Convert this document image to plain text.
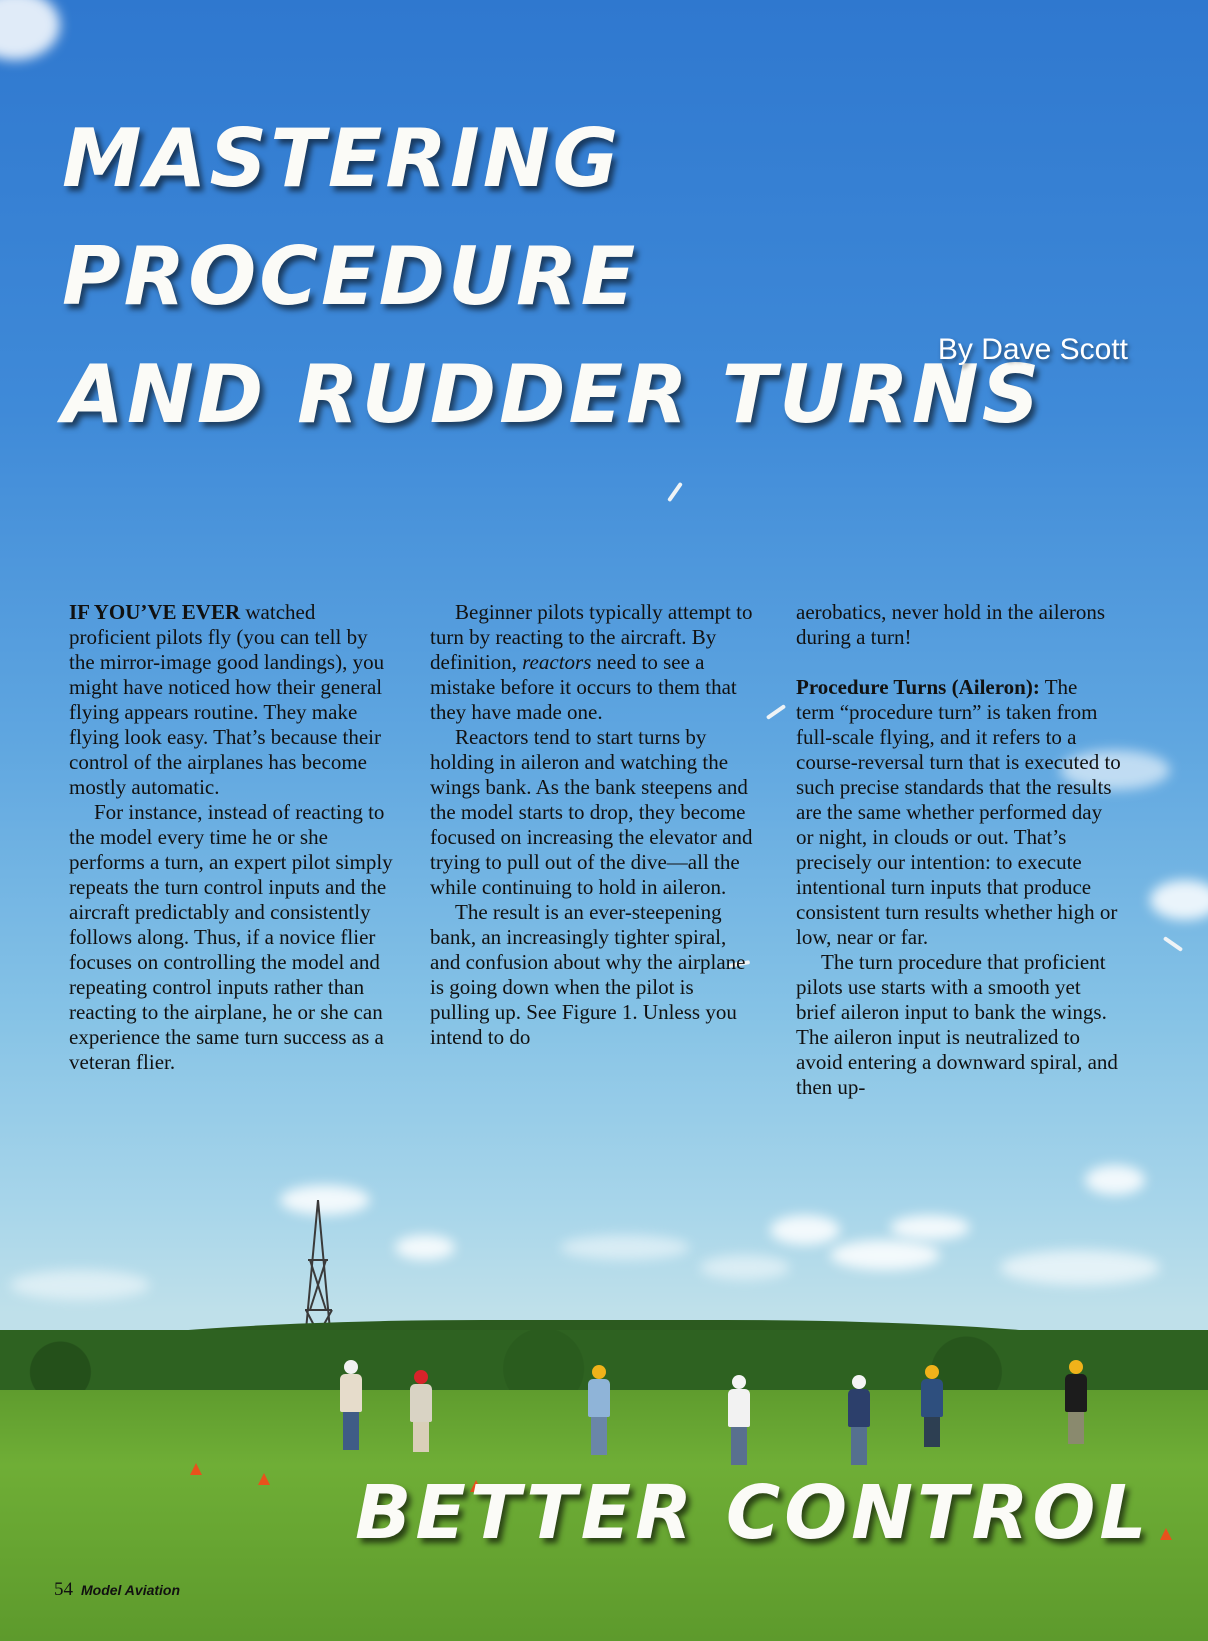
MASTERING PROCEDURE
AND RUDDER TURNS

By Dave Scott

IF YOU’VE EVER watched proficient pilots fly (you can tell by the mirror-image good landings), you might have noticed how their general flying appears routine. They make flying look easy. That’s because their control of the airplanes has become mostly automatic.

For instance, instead of reacting to the model every time he or she performs a turn, an expert pilot simply repeats the turn control inputs and the aircraft predictably and consistently follows along. Thus, if a novice flier focuses on controlling the model and repeating control inputs rather than reacting to the airplane, he or she can experience the same turn success as a veteran flier.

Beginner pilots typically attempt to turn by reacting to the aircraft. By definition, reactors need to see a mistake before it occurs to them that they have made one.

Reactors tend to start turns by holding in aileron and watching the wings bank. As the bank steepens and the model starts to drop, they become focused on increasing the elevator and trying to pull out of the dive—all the while continuing to hold in aileron.

The result is an ever-steepening bank, an increasingly tighter spiral, and confusion about why the airplane is going down when the pilot is pulling up. See Figure 1. Unless you intend to do

aerobatics, never hold in the ailerons during a turn!

Procedure Turns (Aileron): The term “procedure turn” is taken from full-scale flying, and it refers to a course-reversal turn that is executed to such precise standards that the results are the same whether performed day or night, in clouds or out. That’s precisely our intention: to execute intentional turn inputs that produce consistent turn results whether high or low, near or far.

The turn procedure that proficient pilots use starts with a smooth yet brief aileron input to bank the wings. The aileron input is neutralized to avoid entering a downward spiral, and then up-

BETTER CONTROL

54 Model Aviation
